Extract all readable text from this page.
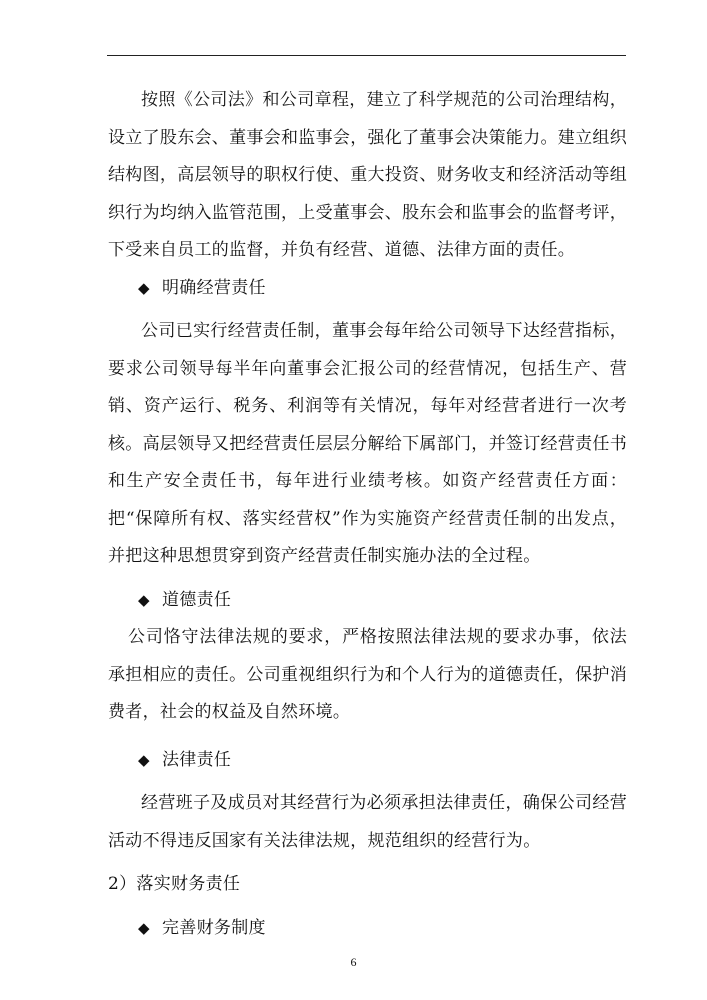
按照《公司法》和公司章程，建立了科学规范的公司治理结构，设立了股东会、董事会和监事会，强化了董事会决策能力。建立组织结构图，高层领导的职权行使、重大投资、财务收支和经济活动等组织行为均纳入监管范围，上受董事会、股东会和监事会的监督考评，下受来自员工的监督，并负有经营、道德、法律方面的责任。

◆ 明确经营责任

公司已实行经营责任制，董事会每年给公司领导下达经营指标，要求公司领导每半年向董事会汇报公司的经营情况，包括生产、营销、资产运行、税务、利润等有关情况，每年对经营者进行一次考核。高层领导又把经营责任层层分解给下属部门，并签订经营责任书和生产安全责任书，每年进行业绩考核。如资产经营责任方面：把“保障所有权、落实经营权”作为实施资产经营责任制的出发点，并把这种思想贯穿到资产经营责任制实施办法的全过程。

◆ 道德责任

公司恪守法律法规的要求，严格按照法律法规的要求办事，依法承担相应的责任。公司重视组织行为和个人行为的道德责任，保护消费者，社会的权益及自然环境。

◆ 法律责任

经营班子及成员对其经营行为必须承担法律责任，确保公司经营活动不得违反国家有关法律法规，规范组织的经营行为。

2）落实财务责任

◆ 完善财务制度

6
